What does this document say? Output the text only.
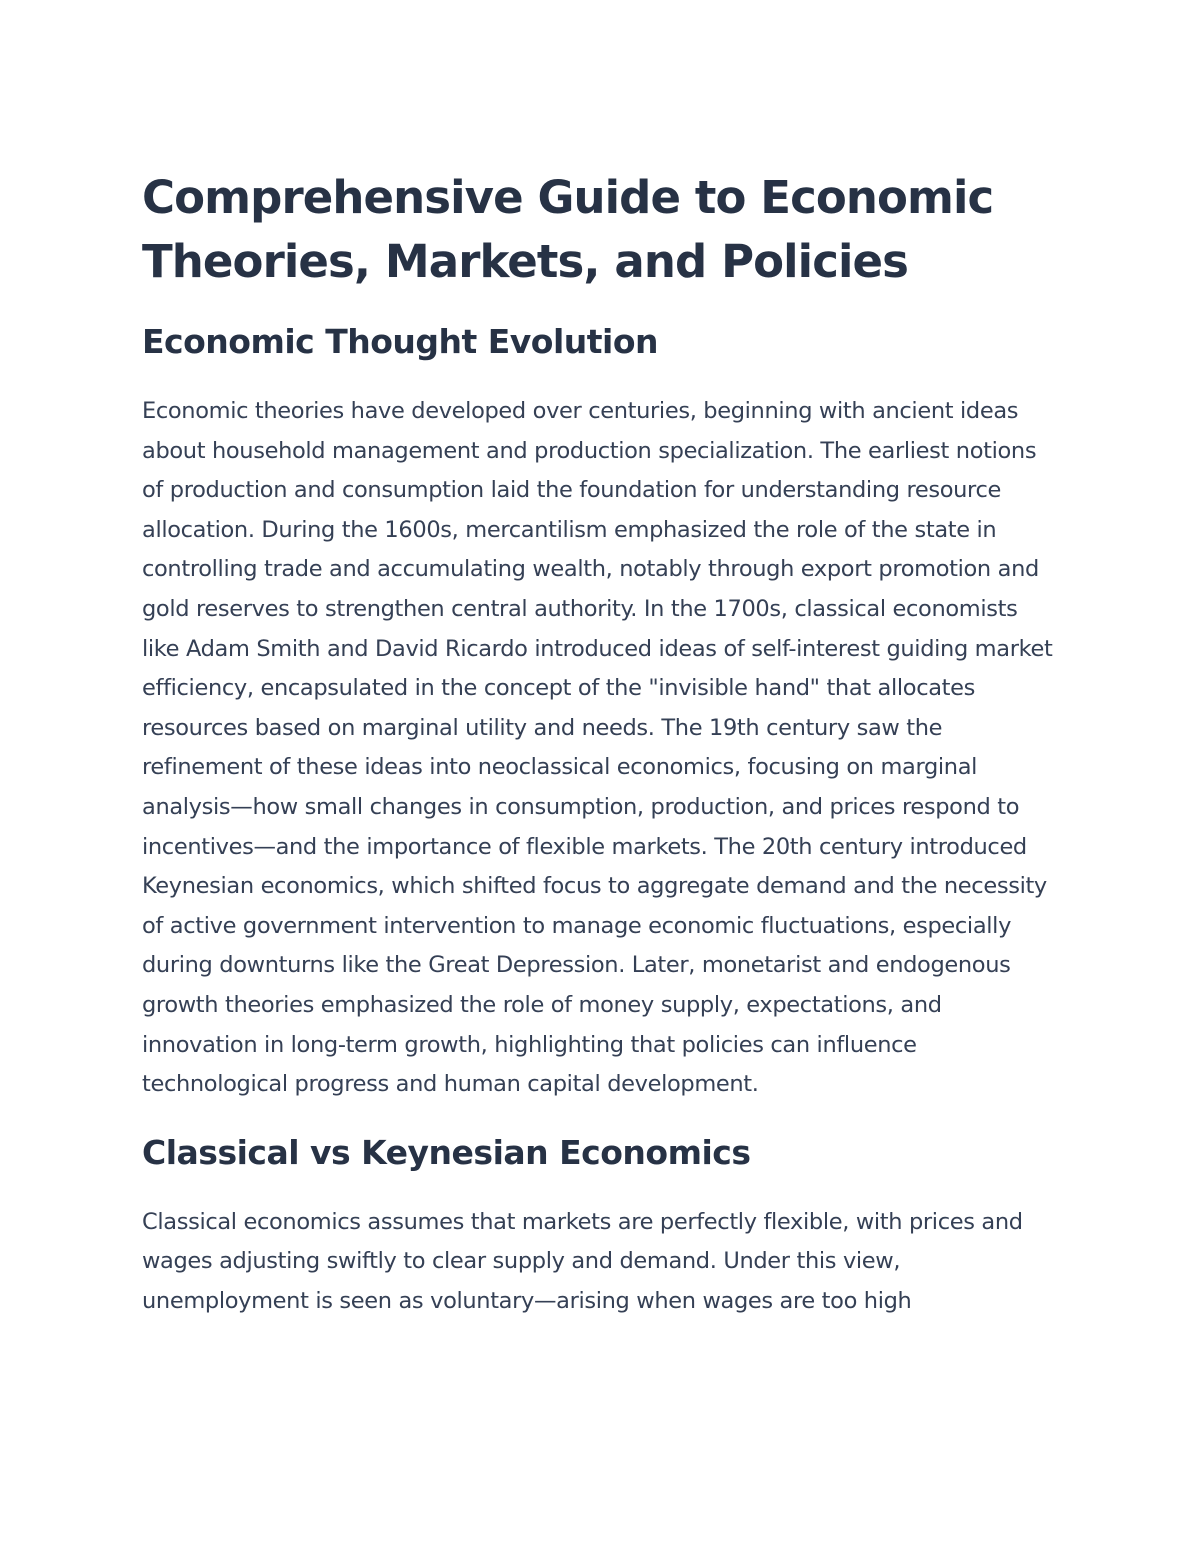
Comprehensive Guide to Economic Theories, Markets, and Policies
Economic Thought Evolution

Economic theories have developed over centuries, beginning with ancient ideas about household management and production specialization. The earliest notions of production and consumption laid the foundation for understanding resource allocation. During the 1600s, mercantilism emphasized the role of the state in controlling trade and accumulating wealth, notably through export promotion and gold reserves to strengthen central authority. In the 1700s, classical economists like Adam Smith and David Ricardo introduced ideas of self-interest guiding market efficiency, encapsulated in the concept of the "invisible hand" that allocates resources based on marginal utility and needs. The 19th century saw the refinement of these ideas into neoclassical economics, focusing on marginal analysis—how small changes in consumption, production, and prices respond to incentives—and the importance of flexible markets. The 20th century introduced Keynesian economics, which shifted focus to aggregate demand and the necessity of active government intervention to manage economic fluctuations, especially during downturns like the Great Depression. Later, monetarist and endogenous growth theories emphasized the role of money supply, expectations, and innovation in long-term growth, highlighting that policies can influence technological progress and human capital development.

Classical vs Keynesian Economics

Classical economics assumes that markets are perfectly flexible, with prices and wages adjusting swiftly to clear supply and demand. Under this view, unemployment is seen as voluntary—arising when wages are too high
